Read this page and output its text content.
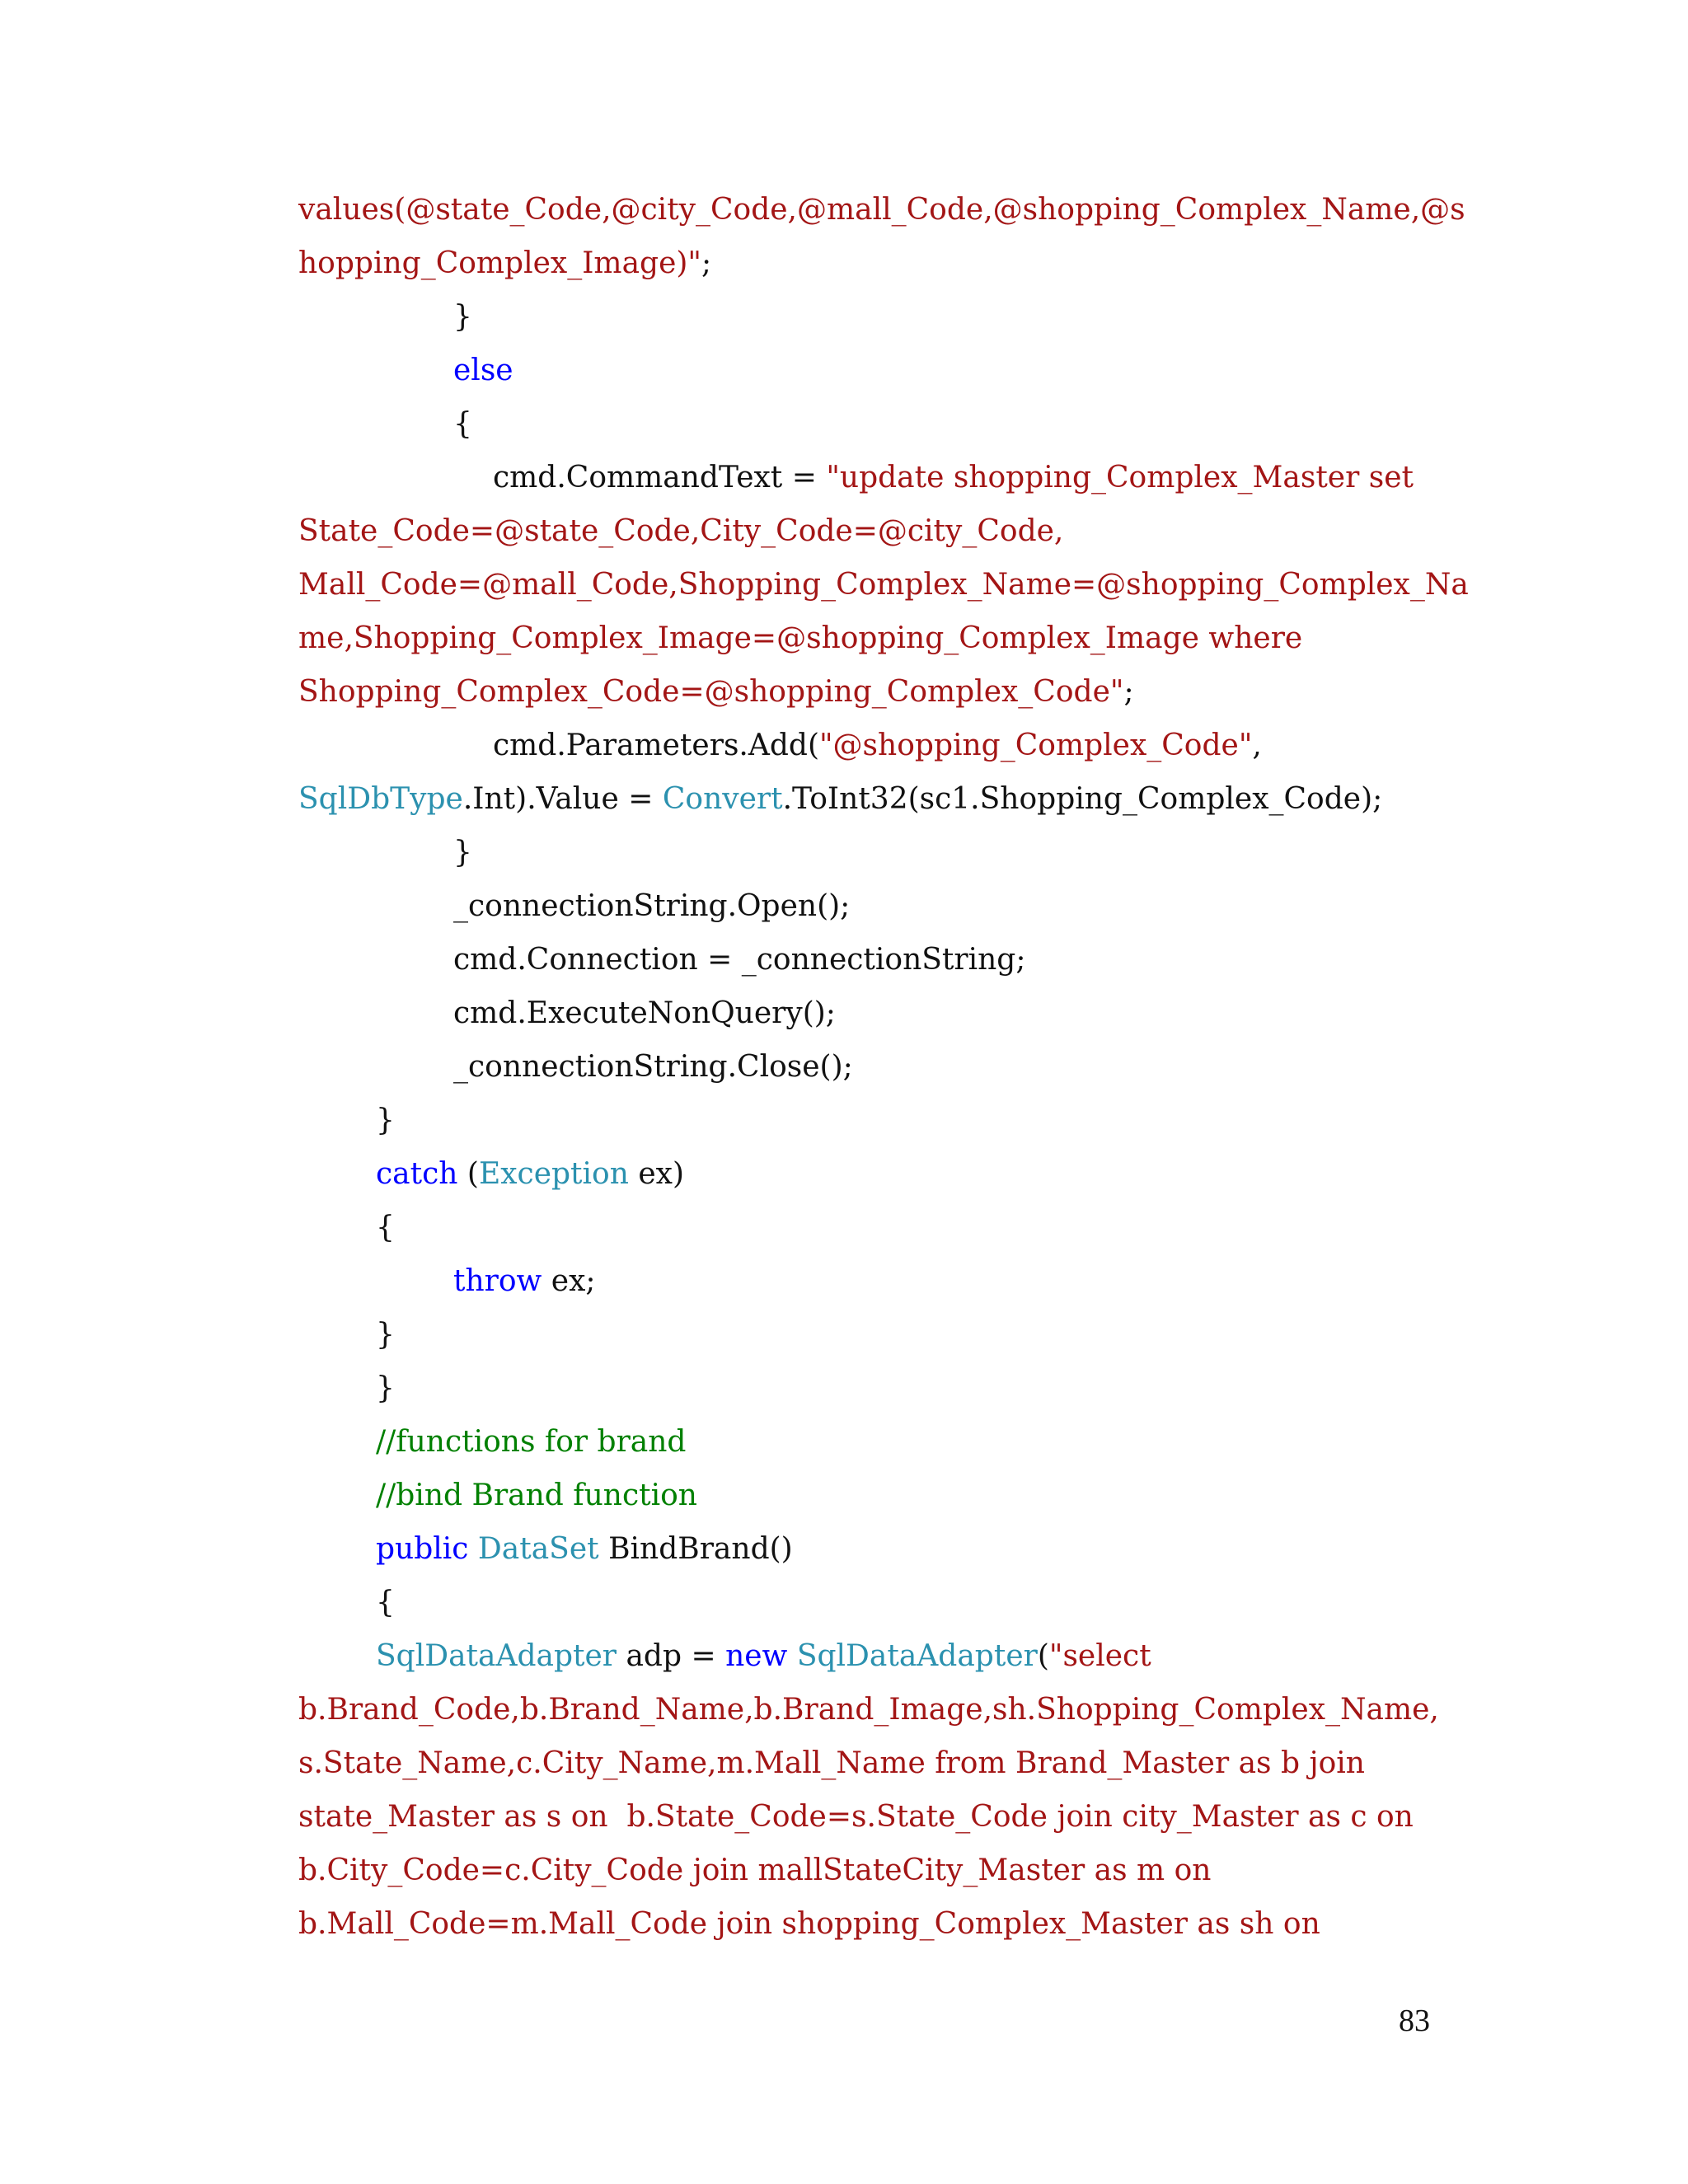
values(@state_Code,@city_Code,@mall_Code,@shopping_Complex_Name,@s
hopping_Complex_Image)";
}
else
{
cmd.CommandText = "update shopping_Complex_Master set
State_Code=@state_Code,City_Code=@city_Code,
Mall_Code=@mall_Code,Shopping_Complex_Name=@shopping_Complex_Na
me,Shopping_Complex_Image=@shopping_Complex_Image where
Shopping_Complex_Code=@shopping_Complex_Code";
cmd.Parameters.Add("@shopping_Complex_Code",
SqlDbType.Int).Value = Convert.ToInt32(sc1.Shopping_Complex_Code);
}
_connectionString.Open();
cmd.Connection = _connectionString;
cmd.ExecuteNonQuery();
_connectionString.Close();
}
catch (Exception ex)
{
throw ex;
}
}
//functions for brand
//bind Brand function
public DataSet BindBrand()
{
SqlDataAdapter adp = new SqlDataAdapter("select
b.Brand_Code,b.Brand_Name,b.Brand_Image,sh.Shopping_Complex_Name,
s.State_Name,c.City_Name,m.Mall_Name from Brand_Master as b join
state_Master as s on  b.State_Code=s.State_Code join city_Master as c on
b.City_Code=c.City_Code join mallStateCity_Master as m on
b.Mall_Code=m.Mall_Code join shopping_Complex_Master as sh on
83
